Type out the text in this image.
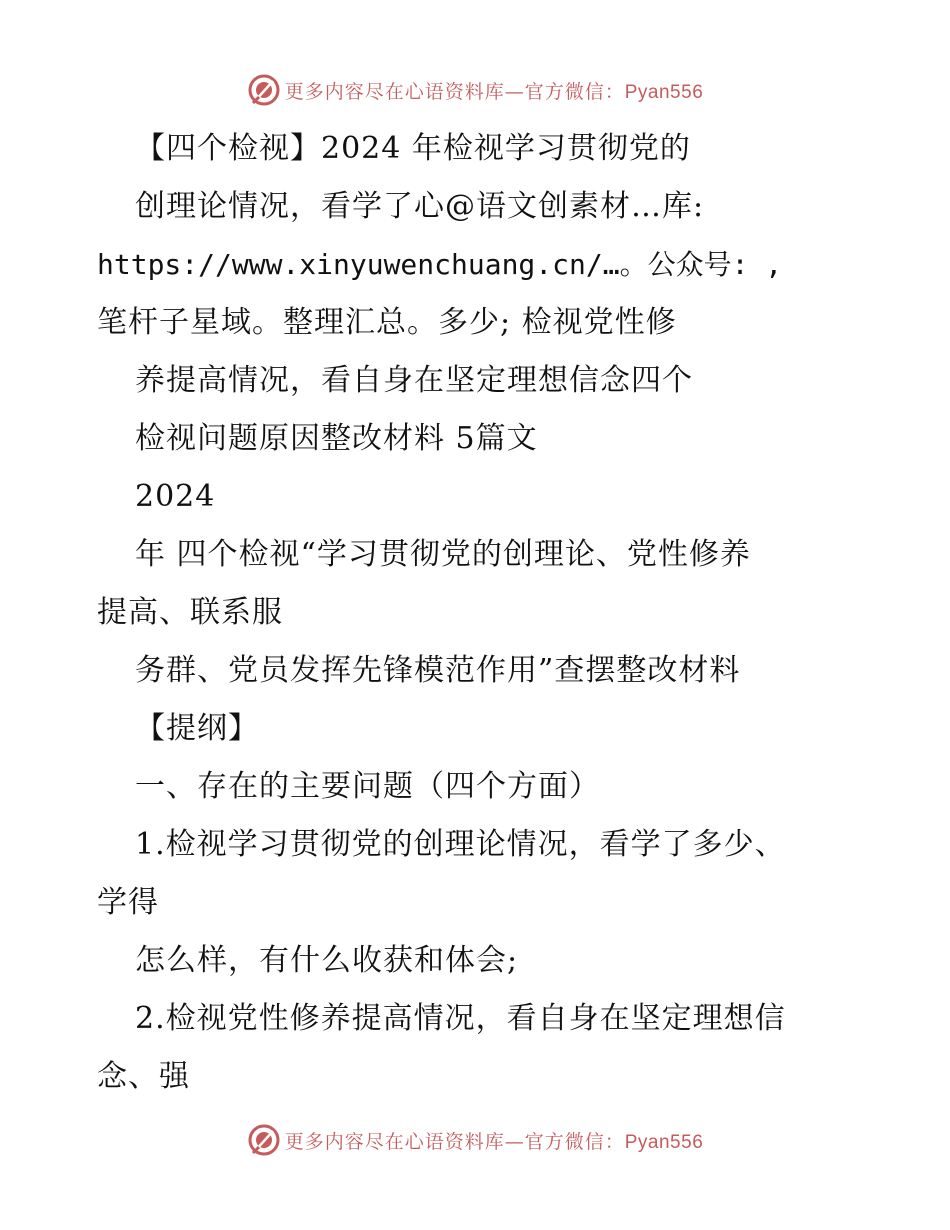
更多内容尽在心语资料库—官方微信：Pyan556
【四个检视】2024 年检视学习贯彻党的
创理论情况，看学了心@语文创素材…库:
https://www.xinyuwenchuang.cn/…。公众号: ,
笔杆子星域。整理汇总。多少; 检视党性修
养提高情况，看自身在坚定理想信念四个
检视问题原因整改材料 5篇文
2024
年 四个检视“学习贯彻党的创理论、党性修养
提高、联系服
务群、党员发挥先锋模范作用”查摆整改材料
【提纲】
一、存在的主要问题（四个方面）
1.检视学习贯彻党的创理论情况，看学了多少、
学得
怎么样，有什么收获和体会;
2.检视党性修养提高情况，看自身在坚定理想信
念、强
更多内容尽在心语资料库—官方微信：Pyan556
